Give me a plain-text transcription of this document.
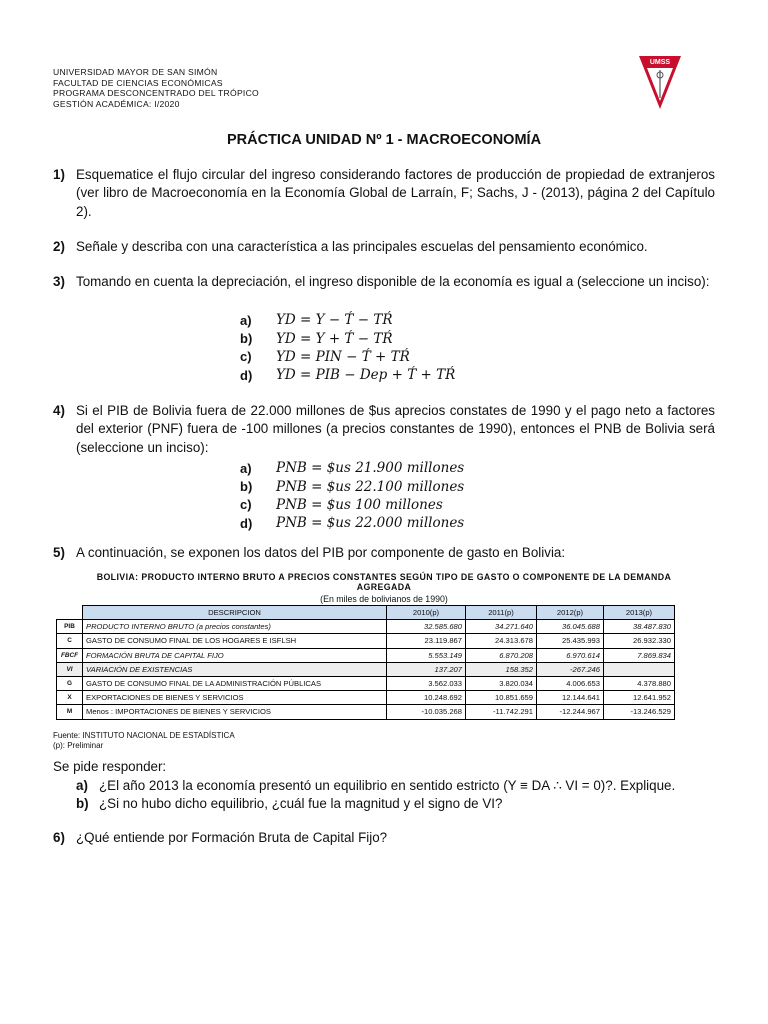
UNIVERSIDAD MAYOR DE SAN SIMÓN
FACULTAD DE CIENCIAS ECONÓMICAS
PROGRAMA DESCONCENTRADO DEL TRÓPICO
GESTIÓN ACADÉMICA: I/2020
UMSS
PRÁCTICA UNIDAD Nº 1 - MACROECONOMÍA
1) Esquematice el flujo circular del ingreso considerando factores de producción de propiedad de extranjeros (ver libro de Macroeconomía en la Economía Global de Larraín, F; Sachs, J - (2013), página 2 del Capítulo 2).
2) Señale y describa con una característica a las principales escuelas del pensamiento económico.
3) Tomando en cuenta la depreciación, el ingreso disponible de la economía es igual a (seleccione un inciso):
a)	YD = Y − T́ − TŔ
b)	YD = Y + T́ − TŔ
c)	YD = PIN − T́ + TŔ
d)	YD = PIB − Dep + T́ + TŔ
4) Si el PIB de Bolivia fuera de 22.000 millones de $us aprecios constates de 1990 y el pago neto a factores del exterior (PNF) fuera de -100 millones (a precios constantes de 1990), entonces el PNB de Bolivia será (seleccione un inciso):
a)	PNB = $us 21.900 millones
b)	PNB = $us 22.100 millones
c)	PNB = $us 100 millones
d)	PNB = $us 22.000 millones
5) A continuación, se exponen los datos del PIB por componente de gasto en Bolivia:
BOLIVIA: PRODUCTO INTERNO BRUTO A PRECIOS CONSTANTES SEGÚN TIPO DE GASTO O COMPONENTE DE LA DEMANDA
AGREGADA
(En miles de bolivianos de 1990)
	DESCRIPCION	2010(p)	2011(p)	2012(p)	2013(p)
PIB	PRODUCTO INTERNO BRUTO (a precios constantes)	32.585.680	34.271.640	36.045.688	38.487.830
C	GASTO DE CONSUMO FINAL DE LOS HOGARES E ISFLSH	23.119.867	24.313.678	25.435.993	26.932.330
FBCF	FORMACIÓN BRUTA DE CAPITAL FIJO	5.553.149	6.870.208	6.970.614	7.869.834
VI	VARIACIÓN DE EXISTENCIAS	137.207	158.352	-267.246	
G	GASTO DE CONSUMO FINAL DE LA ADMINISTRACIÓN PÚBLICAS	3.562.033	3.820.034	4.006.653	4.378.880
X	EXPORTACIONES DE BIENES Y SERVICIOS	10.248.692	10.851.659	12.144.641	12.641.952
M	Menos : IMPORTACIONES DE BIENES Y SERVICIOS	-10.035.268	-11.742.291	-12.244.967	-13.246.529
Fuente: INSTITUTO NACIONAL DE ESTADÍSTICA
(p): Preliminar
Se pide responder:
a) ¿El año 2013 la economía presentó un equilibrio en sentido estricto (Y ≡ DA ∴ VI = 0)?. Explique.
b) ¿Si no hubo dicho equilibrio, ¿cuál fue la magnitud y el signo de VI?
6) ¿Qué entiende por Formación Bruta de Capital Fijo?
